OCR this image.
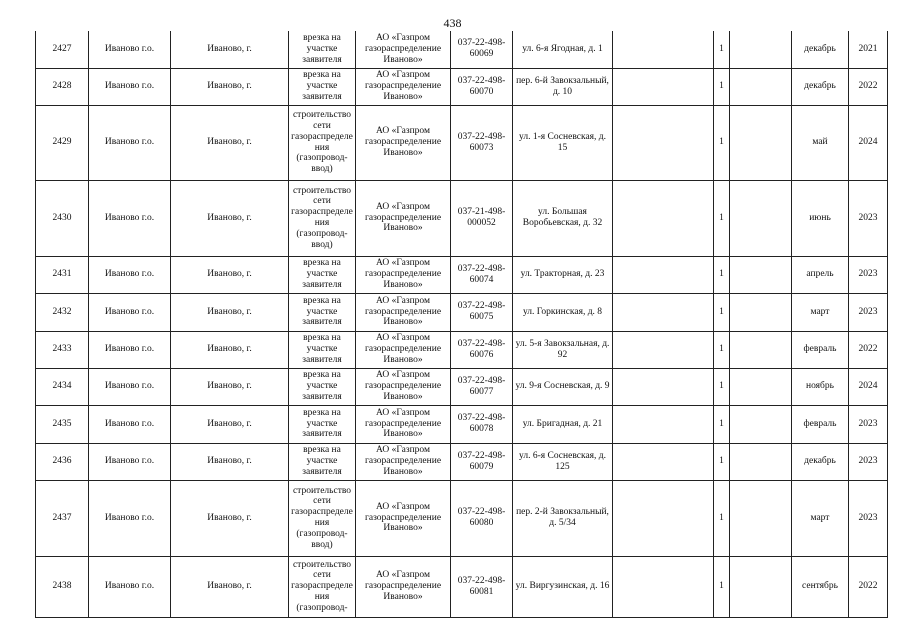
438
2427	Иваново г.о.	Иваново, г.	врезка на участке заявителя	АО «Газпром газораспределение Иваново»	037-22-498-60069	ул. 6-я Ягодная, д. 1		1		декабрь	2021
2428	Иваново г.о.	Иваново, г.	врезка на участке заявителя	АО «Газпром газораспределение Иваново»	037-22-498-60070	пер. 6-й Завокзальный, д. 10		1		декабрь	2022
2429	Иваново г.о.	Иваново, г.	строительство сети газораспределения (газопровод-ввод)	АО «Газпром газораспределение Иваново»	037-22-498-60073	ул. 1-я Сосневская, д. 15		1		май	2024
2430	Иваново г.о.	Иваново, г.	строительство сети газораспределения (газопровод-ввод)	АО «Газпром газораспределение Иваново»	037-21-498-000052	ул. Большая Воробьевская, д. 32		1		июнь	2023
2431	Иваново г.о.	Иваново, г.	врезка на участке заявителя	АО «Газпром газораспределение Иваново»	037-22-498-60074	ул. Тракторная, д. 23		1		апрель	2023
2432	Иваново г.о.	Иваново, г.	врезка на участке заявителя	АО «Газпром газораспределение Иваново»	037-22-498-60075	ул. Горкинская, д. 8		1		март	2023
2433	Иваново г.о.	Иваново, г.	врезка на участке заявителя	АО «Газпром газораспределение Иваново»	037-22-498-60076	ул. 5-я Завокзальная, д. 92		1		февраль	2022
2434	Иваново г.о.	Иваново, г.	врезка на участке заявителя	АО «Газпром газораспределение Иваново»	037-22-498-60077	ул. 9-я Сосневская, д. 9		1		ноябрь	2024
2435	Иваново г.о.	Иваново, г.	врезка на участке заявителя	АО «Газпром газораспределение Иваново»	037-22-498-60078	ул. Бригадная, д. 21		1		февраль	2023
2436	Иваново г.о.	Иваново, г.	врезка на участке заявителя	АО «Газпром газораспределение Иваново»	037-22-498-60079	ул. 6-я Сосневская, д. 125		1		декабрь	2023
2437	Иваново г.о.	Иваново, г.	строительство сети газораспределения (газопровод-ввод)	АО «Газпром газораспределение Иваново»	037-22-498-60080	пер. 2-й Завокзальный, д. 5/34		1		март	2023
2438	Иваново г.о.	Иваново, г.	строительство сети газораспределения (газопровод-	АО «Газпром газораспределение Иваново»	037-22-498-60081	ул. Виргузинская, д. 16		1		сентябрь	2022
